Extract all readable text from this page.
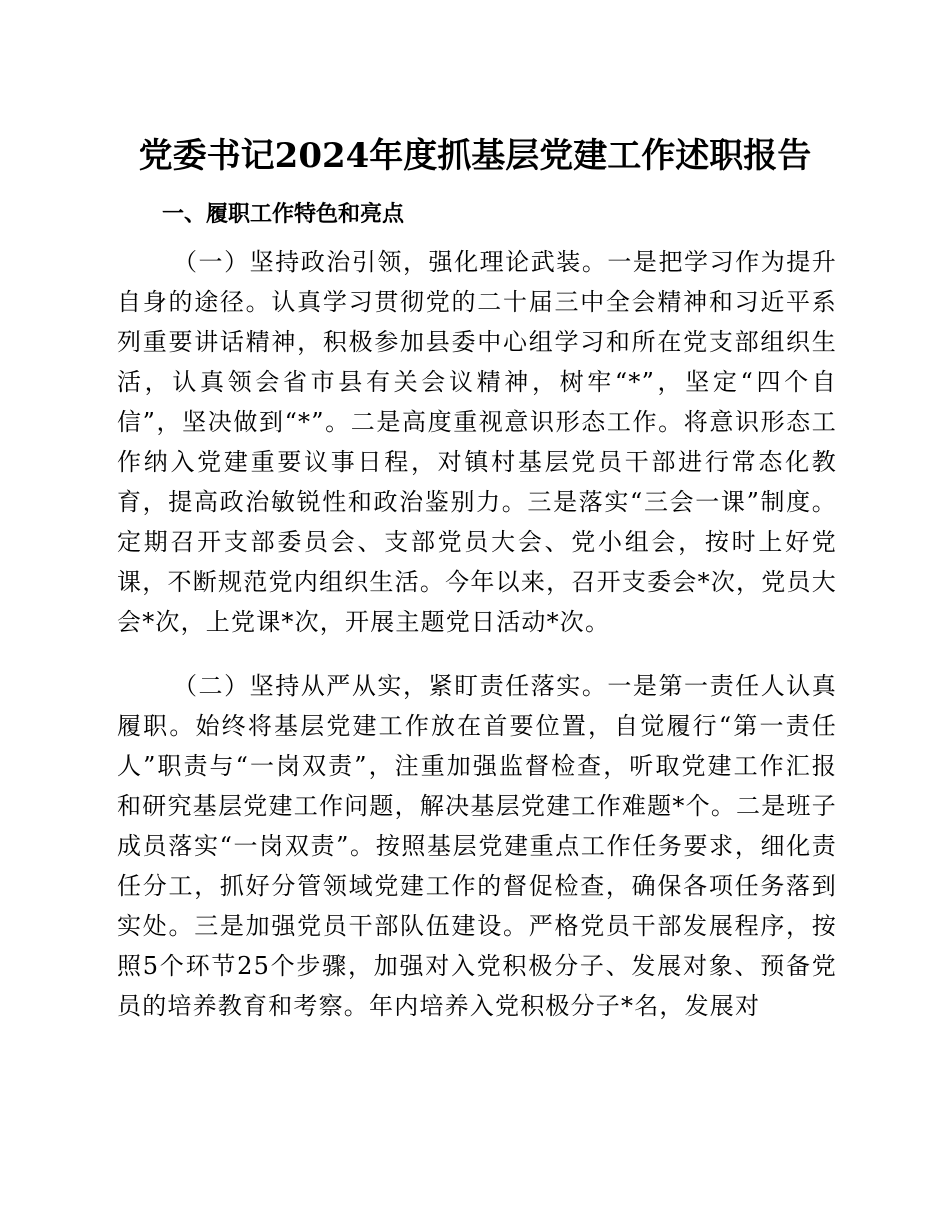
党委书记2024年度抓基层党建工作述职报告
一、履职工作特色和亮点

（一）坚持政治引领，强化理论武装。一是把学习作为提升自身的途径。认真学习贯彻党的二十届三中全会精神和习近平系列重要讲话精神，积极参加县委中心组学习和所在党支部组织生活，认真领会省市县有关会议精神，树牢“*”，坚定“四个自信”，坚决做到“*”。二是高度重视意识形态工作。将意识形态工作纳入党建重要议事日程，对镇村基层党员干部进行常态化教育，提高政治敏锐性和政治鉴别力。三是落实“三会一课”制度。定期召开支部委员会、支部党员大会、党小组会，按时上好党课，不断规范党内组织生活。今年以来，召开支委会*次，党员大会*次，上党课*次，开展主题党日活动*次。

（二）坚持从严从实，紧盯责任落实。一是第一责任人认真履职。始终将基层党建工作放在首要位置，自觉履行“第一责任人”职责与“一岗双责”，注重加强监督检查，听取党建工作汇报和研究基层党建工作问题，解决基层党建工作难题*个。二是班子成员落实“一岗双责”。按照基层党建重点工作任务要求，细化责任分工，抓好分管领域党建工作的督促检查，确保各项任务落到实处。三是加强党员干部队伍建设。严格党员干部发展程序，按照5个环节25个步骤，加强对入党积极分子、发展对象、预备党员的培养教育和考察。年内培养入党积极分子*名，发展对
